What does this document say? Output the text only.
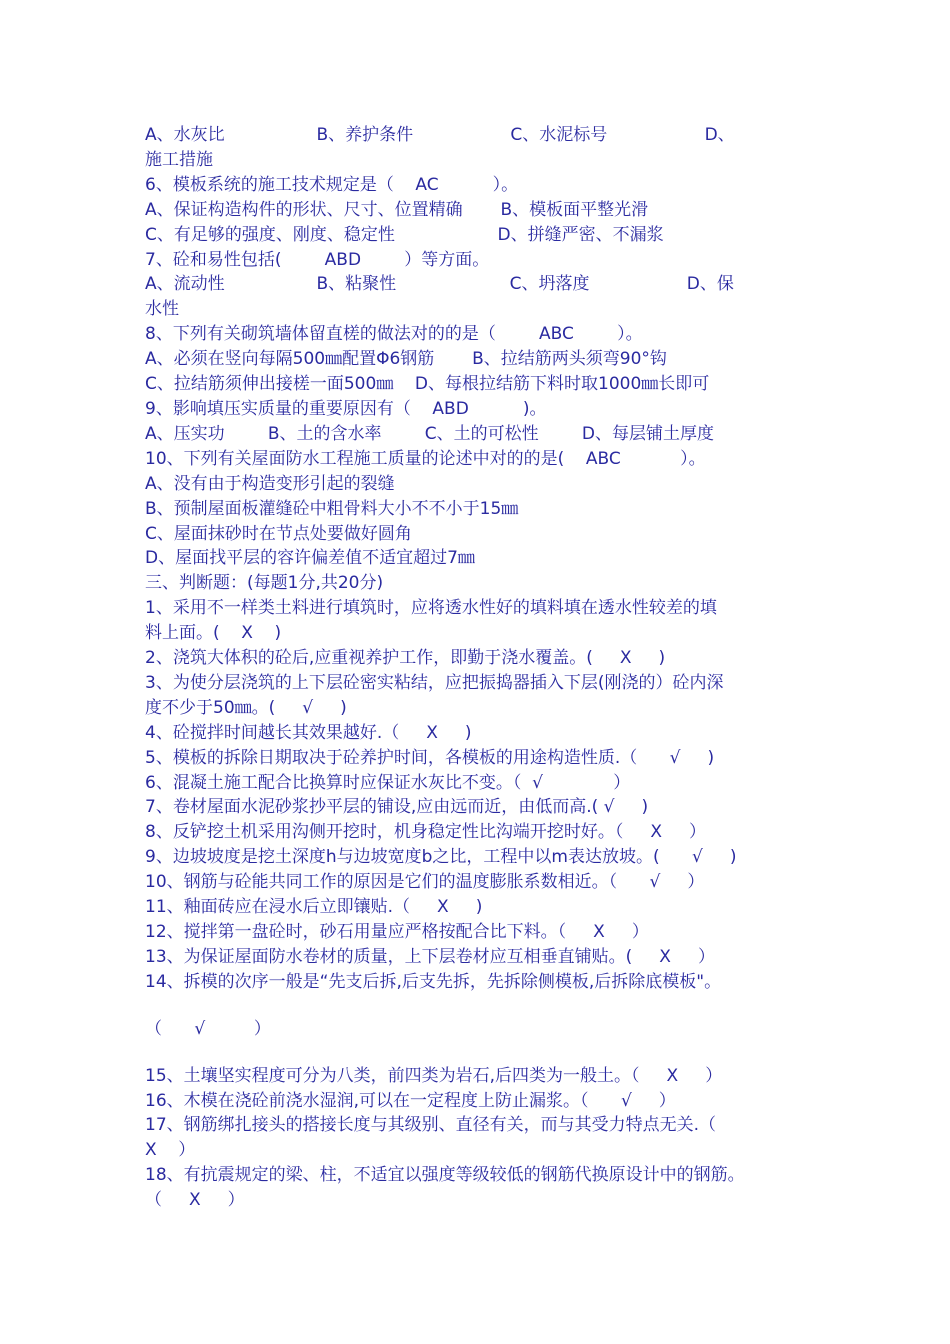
A、水灰比                 B、养护条件                  C、水泥标号                  D、

施工措施

6、模板系统的施工技术规定是（    AC          ）。

A、保证构造构件的形状、尺寸、位置精确       B、模板面平整光滑

C、有足够的强度、刚度、稳定性                   D、拼缝严密、不漏浆

7、砼和易性包括(        ABD        ）等方面。

A、流动性                 B、粘聚性                     C、坍落度                  D、保

水性

8、下列有关砌筑墙体留直槎的做法对的的是（        ABC        ）。

A、必须在竖向每隔500㎜配置Φ6钢筋       B、拉结筋两头须弯90°钩

C、拉结筋须伸出接槎一面500㎜    D、每根拉结筋下料时取1000㎜长即可

9、影响填压实质量的重要原因有（    ABD          )。

A、压实功        B、土的含水率        C、土的可松性        D、每层铺土厚度

10、下列有关屋面防水工程施工质量的论述中对的的是(    ABC           ）。

A、没有由于构造变形引起的裂缝

B、预制屋面板灌缝砼中粗骨料大小不不小于15㎜

C、屋面抹砂时在节点处要做好圆角

D、屋面找平层的容许偏差值不适宜超过7㎜

三、判断题：(每题1分,共20分)

1、采用不一样类土料进行填筑时，应将透水性好的填料填在透水性较差的填

料上面。(    X    )

2、浇筑大体积的砼后,应重视养护工作，即勤于浇水覆盖。(     X     )

3、为使分层浇筑的上下层砼密实粘结，应把振捣器插入下层(刚浇的）砼内深

度不少于50㎜。(     √     )

4、砼搅拌时间越长其效果越好.（     X     )

5、模板的拆除日期取决于砼养护时间，各模板的用途构造性质.（      √     )

6、混凝土施工配合比换算时应保证水灰比不变。（  √             ）

7、卷材屋面水泥砂浆抄平层的铺设,应由远而近，由低而高.( √     )

8、反铲挖土机采用沟侧开挖时，机身稳定性比沟端开挖时好。（     X     ）

9、边坡坡度是挖土深度h与边坡宽度b之比，工程中以m表达放坡。(      √     )

10、钢筋与砼能共同工作的原因是它们的温度膨胀系数相近。（      √     ）

11、釉面砖应在浸水后立即镶贴.（     X     )

12、搅拌第一盘砼时，砂石用量应严格按配合比下料。（     X     ）

13、为保证屋面防水卷材的质量，上下层卷材应互相垂直铺贴。(     X     ）

14、拆模的次序一般是“先支后拆,后支先拆，先拆除侧模板,后拆除底模板"。

（      √         ）

15、土壤坚实程度可分为八类，前四类为岩石,后四类为一般土。（     X     ）

16、木模在浇砼前浇水湿润,可以在一定程度上防止漏浆。（      √     ）

17、钢筋绑扎接头的搭接长度与其级别、直径有关，而与其受力特点无关.（

X    ）

18、有抗震规定的梁、柱，不适宜以强度等级较低的钢筋代换原设计中的钢筋。

（     X     ）
